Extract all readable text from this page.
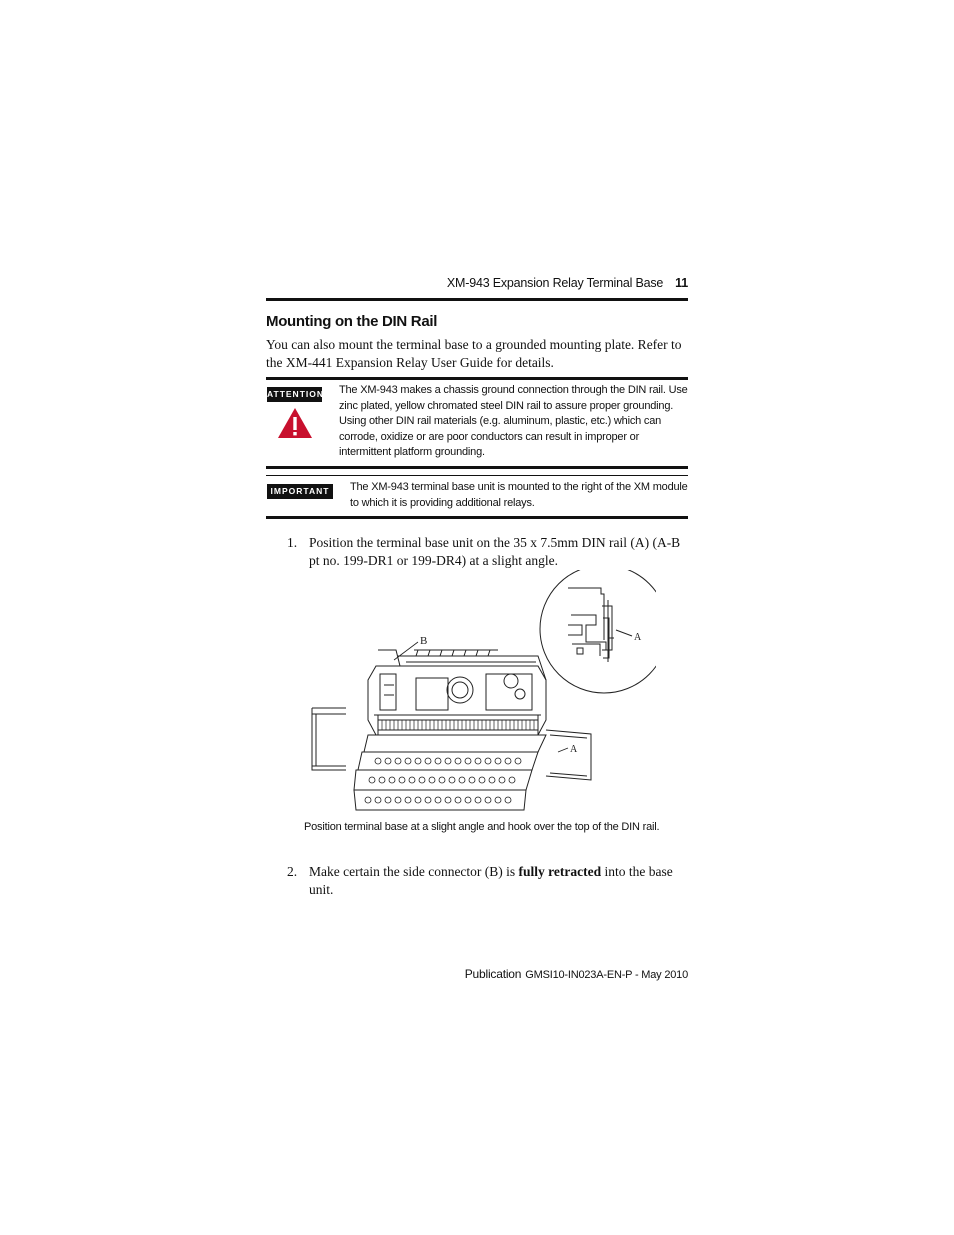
XM-943 Expansion Relay Terminal Base 11
Mounting on the DIN Rail
You can also mount the terminal base to a grounded mounting plate. Refer to the XM-441 Expansion Relay User Guide for details.
ATTENTION The XM-943 makes a chassis ground connection through the DIN rail. Use zinc plated, yellow chromated steel DIN rail to assure proper grounding. Using other DIN rail materials (e.g. aluminum, plastic, etc.) which can corrode, oxidize or are poor conductors can result in improper or intermittent platform grounding.
IMPORTANT	The XM-943 terminal base unit is mounted to the right of the XM module to which it is providing additional relays.
1. Position the terminal base unit on the 35 x 7.5mm DIN rail (A) (A-B pt no. 199-DR1 or 199-DR4) at a slight angle.
B
A
A
Position terminal base at a slight angle and hook over the top of the DIN rail.
2. Make certain the side connector (B) is fully retracted into the base unit.
Publication GMSI10-IN023A-EN-P - May 2010
